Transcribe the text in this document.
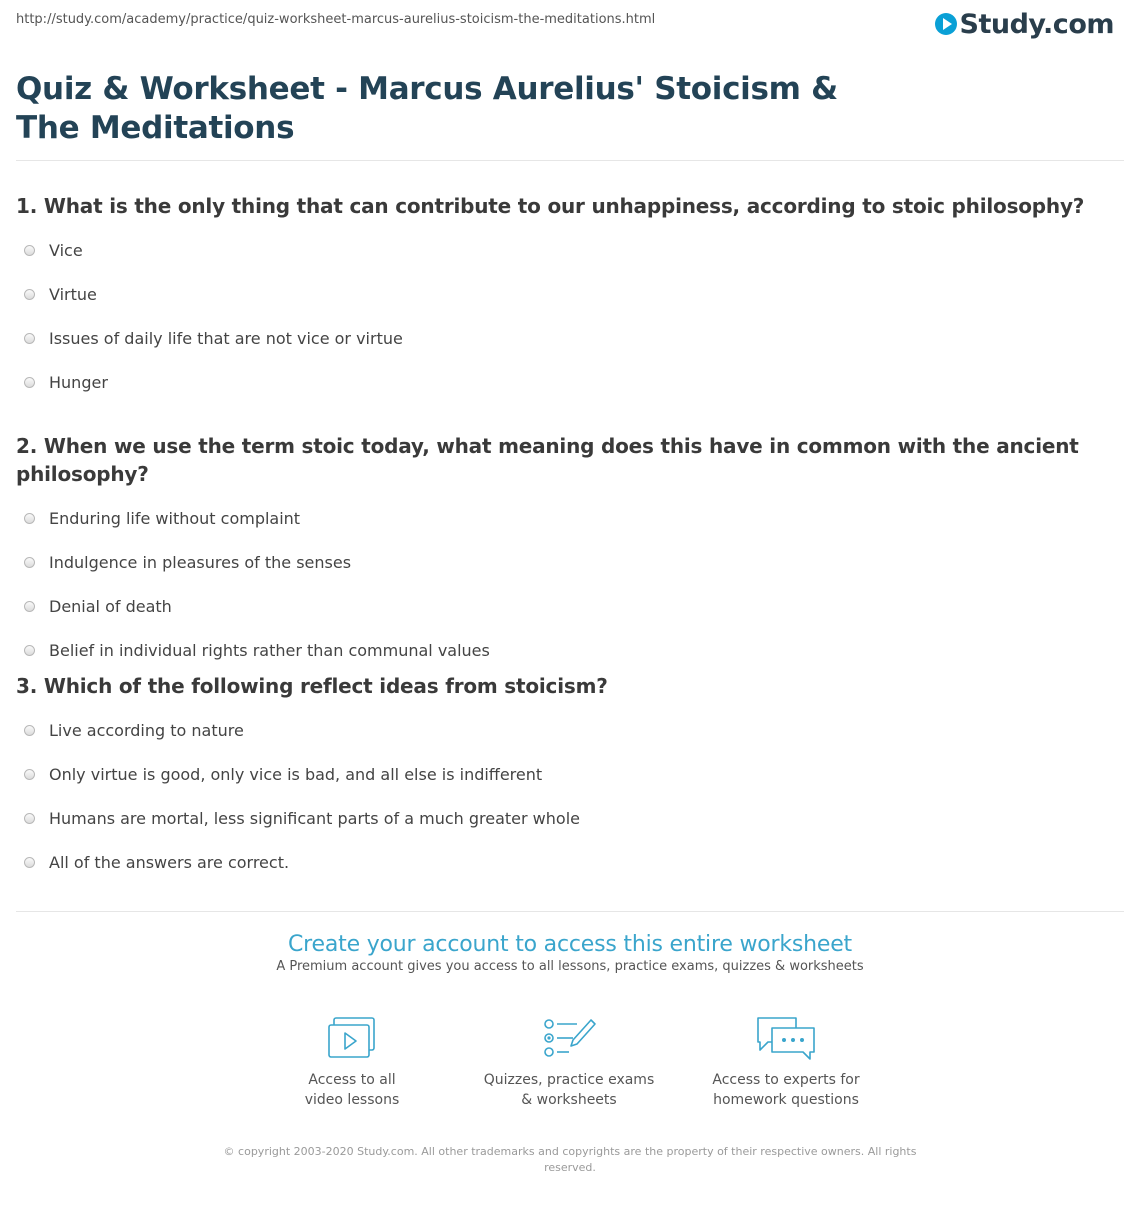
http://study.com/academy/practice/quiz-worksheet-marcus-aurelius-stoicism-the-meditations.html	Study.com
Quiz & Worksheet - Marcus Aurelius' Stoicism & The Meditations

1. What is the only thing that can contribute to our unhappiness, according to stoic philosophy?

Vice
Virtue
Issues of daily life that are not vice or virtue
Hunger

2. When we use the term stoic today, what meaning does this have in common with the ancient philosophy?

Enduring life without complaint
Indulgence in pleasures of the senses
Denial of death
Belief in individual rights rather than communal values

3. Which of the following reflect ideas from stoicism?

Live according to nature
Only virtue is good, only vice is bad, and all else is indifferent
Humans are mortal, less significant parts of a much greater whole
All of the answers are correct.
Create your account to access this entire worksheet
A Premium account gives you access to all lessons, practice exams, quizzes & worksheets
Access to all
video lessons
Quizzes, practice exams
& worksheets
Access to experts for
homework questions
© copyright 2003-2020 Study.com. All other trademarks and copyrights are the property of their respective owners. All rights reserved.
